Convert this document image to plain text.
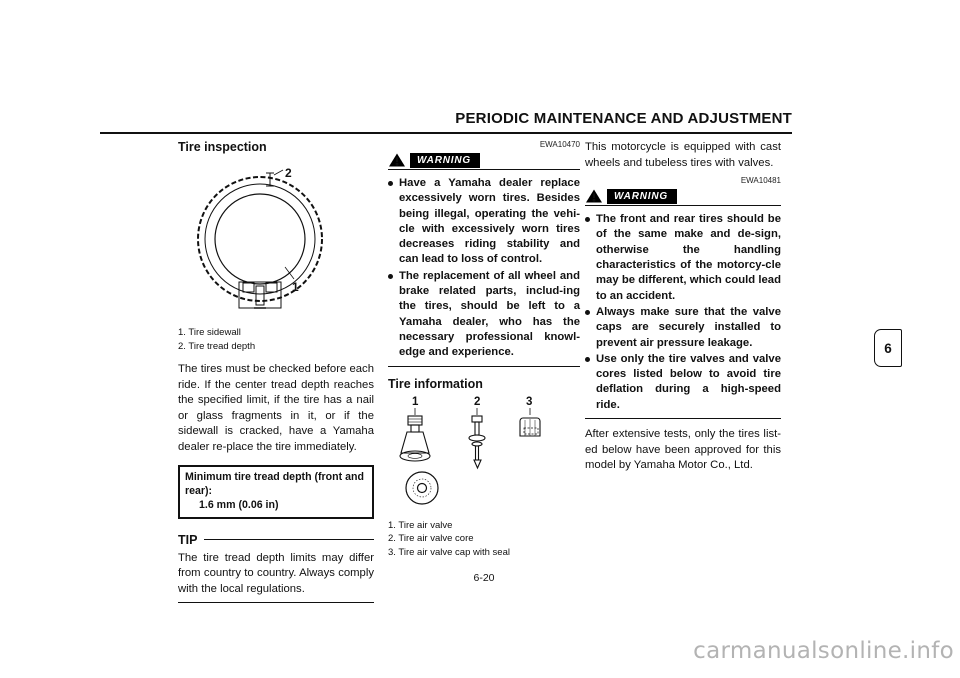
PERIODIC MAINTENANCE AND ADJUSTMENT
Tire inspection
2
1
1. Tire sidewall
2. Tire tread depth
The tires must be checked before each ride. If the center tread depth reaches the specified limit, if the tire has a nail or glass fragments in it, or if the sidewall is cracked, have a Yamaha dealer re-place the tire immediately.
Minimum tire tread depth (front and rear):
1.6 mm (0.06 in)
TIP
The tire tread depth limits may differ from country to country. Always comply with the local regulations.
EWA10470
WARNING
Have a Yamaha dealer replace excessively worn tires. Besides being illegal, operating the vehi-cle with excessively worn tires decreases riding stability and can lead to loss of control.
The replacement of all wheel and brake related parts, includ-ing the tires, should be left to a Yamaha dealer, who has the necessary professional knowl-edge and experience.
Tire information
1	2	3
1. Tire air valve
2. Tire air valve core
3. Tire air valve cap with seal
This motorcycle is equipped with cast wheels and tubeless tires with valves.
EWA10481
WARNING
The front and rear tires should be of the same make and de-sign, otherwise the handling characteristics of the motorcy-cle may be different, which could lead to an accident.
Always make sure that the valve caps are securely installed to prevent air pressure leakage.
Use only the tire valves and valve cores listed below to avoid tire deflation during a high-speed ride.
After extensive tests, only the tires list-ed below have been approved for this model by Yamaha Motor Co., Ltd.
6
6-20
carmanualsonline.info
